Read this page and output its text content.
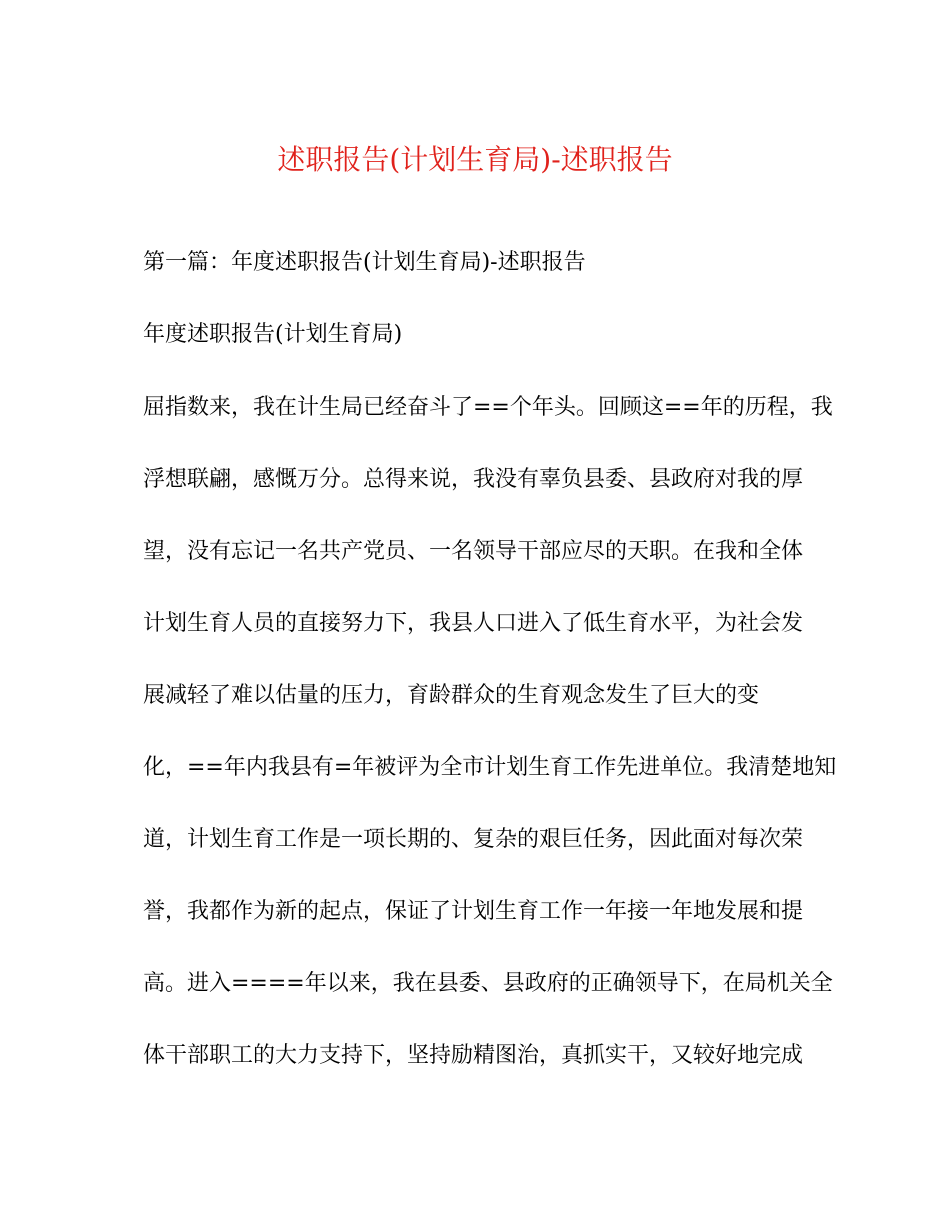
述职报告(计划生育局)-述职报告

第一篇：年度述职报告(计划生育局)-述职报告

年度述职报告(计划生育局)

屈指数来，我在计生局已经奋斗了==个年头。回顾这==年的历程，我

浮想联翩，感慨万分。总得来说，我没有辜负县委、县政府对我的厚

望，没有忘记一名共产党员、一名领导干部应尽的天职。在我和全体

计划生育人员的直接努力下，我县人口进入了低生育水平，为社会发

展减轻了难以估量的压力，育龄群众的生育观念发生了巨大的变

化，==年内我县有=年被评为全市计划生育工作先进单位。我清楚地知

道，计划生育工作是一项长期的、复杂的艰巨任务，因此面对每次荣

誉，我都作为新的起点，保证了计划生育工作一年接一年地发展和提

高。进入====年以来，我在县委、县政府的正确领导下，在局机关全

体干部职工的大力支持下，坚持励精图治，真抓实干，又较好地完成
